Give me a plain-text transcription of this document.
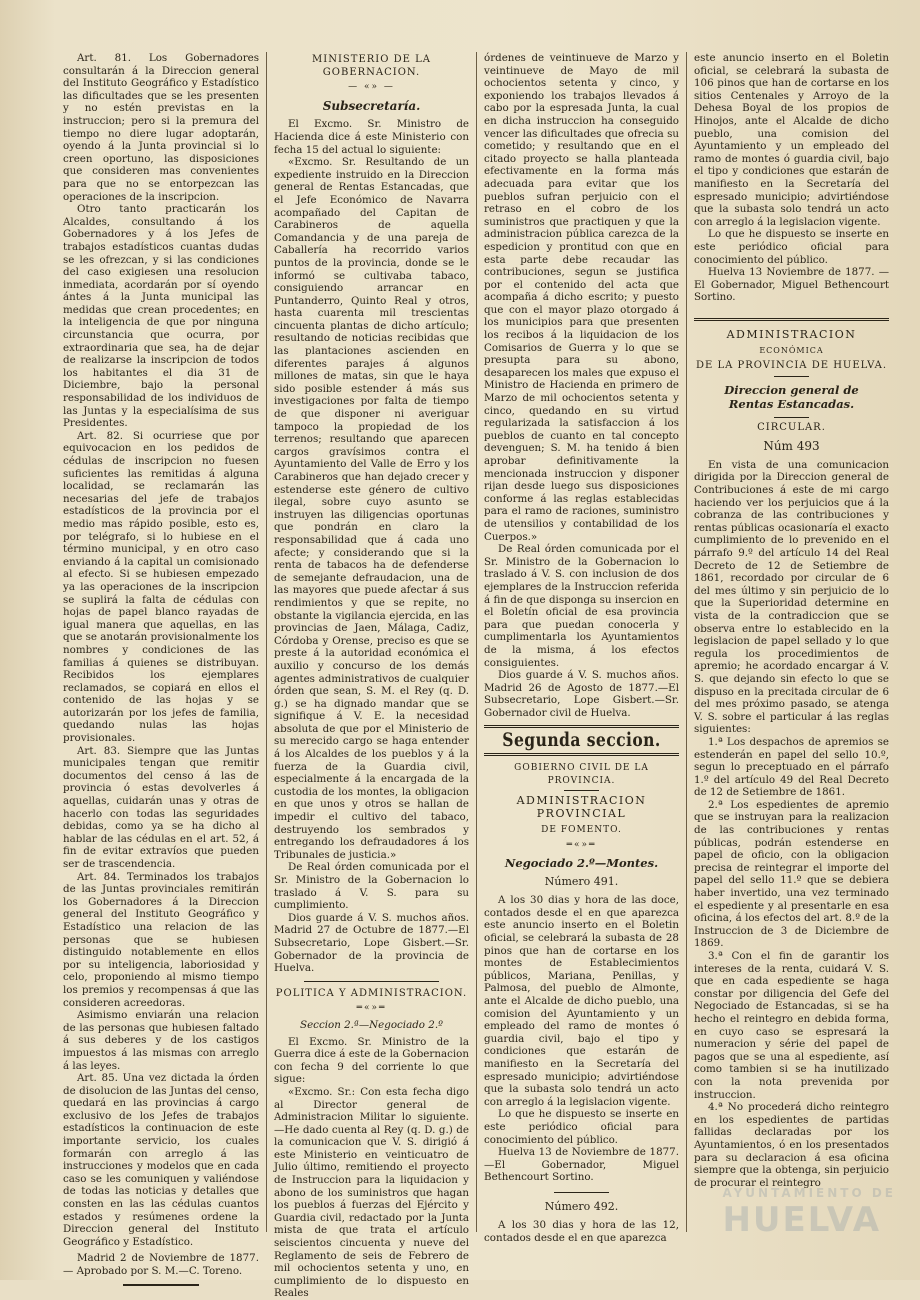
Art. 81. Los Gobernadores consultarán á la Direccion general del Instituto Geográfico y Estadístico las dificultades que se les presenten y no estén previstas en la instruccion; pero si la premura del tiempo no diere lugar adoptarán, oyendo á la Junta provincial si lo creen oportuno, las disposiciones que consideren mas convenientes para que no se entorpezcan las operaciones de la inscripcion.

Otro tanto practicarán los Alcaldes, consultando á los Gobernadores y á los Jefes de trabajos estadísticos cuantas dudas se les ofrezcan, y si las condiciones del caso exigiesen una resolucion inmediata, acordarán por sí oyendo ántes á la Junta municipal las medidas que crean procedentes; en la inteligencia de que por ninguna circunstancia que ocurra, por extraordinaria que sea, ha de dejar de realizarse la inscripcion de todos los habitantes el dia 31 de Diciembre, bajo la personal responsabilidad de los individuos de las Juntas y la especialísima de sus Presidentes.

Art. 82. Si ocurriese que por equivocacion en los pedidos de cédulas de inscripcion no fuesen suficientes las remitidas á alguna localidad, se reclamarán las necesarias del jefe de trabajos estadísticos de la provincia por el medio mas rápido posible, esto es, por telégrafo, si lo hubiese en el término municipal, y en otro caso enviando á la capital un comisionado al efecto. Si se hubiesen empezado ya las operaciones de la inscripcion se suplirá la falta de cédulas con hojas de papel blanco rayadas de igual manera que aquellas, en las que se anotarán provisionalmente los nombres y condiciones de las familias á quienes se distribuyan. Recibidos los ejemplares reclamados, se copiará en ellos el contenido de las hojas y se autorizarán por los jefes de familia, quedando nulas las hojas provisionales.

Art. 83. Siempre que las Juntas municipales tengan que remitir documentos del censo á las de provincia ó estas devolverles á aquellas, cuidarán unas y otras de hacerlo con todas las seguridades debidas, como ya se ha dicho al hablar de las cédulas en el art. 52, á fin de evitar extravíos que pueden ser de trascendencia.

Art. 84. Terminados los trabajos de las Juntas provinciales remitirán los Gobernadores á la Direccion general del Instituto Geográfico y Estadístico una relacion de las personas que se hubiesen distinguido notablemente en ellos por su inteligencia, laboriosidad y celo, proponiendo al mismo tiempo los premios y recompensas á que las consideren acreedoras.

Asimismo enviarán una relacion de las personas que hubiesen faltado á sus deberes y de los castigos impuestos á las mismas con arreglo á las leyes.

Art. 85. Una vez dictada la órden de disolucion de las Juntas del censo, quedará en las provincias á cargo exclusivo de los Jefes de trabajos estadísticos la continuacion de este importante servicio, los cuales formarán con arreglo á las instrucciones y modelos que en cada caso se les comuniquen y valiéndose de todas las noticias y detalles que consten en las las cédulas cuantos estados y resúmenes ordene la Direccion general del Instituto Geográfico y Estadístico.

Madrid 2 de Noviembre de 1877.— Aprobado por S. M.—C. Toreno.

MINISTERIO DE LA GOBERNACION.
— «» —
Subsecretaría.

El Excmo. Sr. Ministro de Hacienda dice á este Ministerio con fecha 15 del actual lo siguiente:

«Excmo. Sr. Resultando de un expediente instruido en la Direccion general de Rentas Estancadas, que el Jefe Económico de Navarra acompañado del Capitan de Carabineros de aquella Comandancia y de una pareja de Caballería ha recorrido varios puntos de la provincia, donde se le informó se cultivaba tabaco, consiguiendo arrancar en Puntanderro, Quinto Real y otros, hasta cuarenta mil trescientas cincuenta plantas de dicho artículo; resultando de noticias recibidas que las plantaciones ascienden en diferentes parajes á algunos millones de matas, sin que le haya sido posible estender á más sus investigaciones por falta de tiempo de que disponer ni averiguar tampoco la propiedad de los terrenos; resultando que aparecen cargos gravísimos contra el Ayuntamiento del Valle de Erro y los Carabineros que han dejado crecer y estenderse este género de cultivo ilegal, sobre cuyo asunto se instruyen las diligencias oportunas que pondrán en claro la responsabilidad que á cada uno afecte; y considerando que si la renta de tabacos ha de defenderse de semejante defraudacion, una de las mayores que puede afectar á sus rendimientos y que se repite, no obstante la vigilancia ejercida, en las provincias de Jaen, Málaga, Cadiz, Córdoba y Orense, preciso es que se preste á la autoridad económica el auxilio y concurso de los demás agentes administrativos de cualquier órden que sean, S. M. el Rey (q. D. g.) se ha dignado mandar que se signifique á V. E. la necesidad absoluta de que por el Ministerio de su merecido cargo se haga entender á los Alcaldes de los pueblos y á la fuerza de la Guardia civil, especialmente á la encargada de la custodia de los montes, la obligacion en que unos y otros se hallan de impedir el cultivo del tabaco, destruyendo los sembrados y entregando los defraudadores á los Tribunales de justicia.»

De Real órden comunicada por el Sr. Ministro de la Gobernacion lo traslado á V. S. para su cumplimiento.

Dios guarde á V. S. muchos años. Madrid 27 de Octubre de 1877.—El Subsecretario, Lope Gisbert.—Sr. Gobernador de la provincia de Huelva.

POLITICA Y ADMINISTRACION.
═«»═
Seccion 2.ª—Negociado 2.º

El Excmo. Sr. Ministro de la Guerra dice á este de la Gobernacion con fecha 9 del corriente lo que sigue:

«Excmo. Sr.: Con esta fecha digo al Director general de Administracion Militar lo siguiente.—He dado cuenta al Rey (q. D. g.) de la comunicacion que V. S. dirigió á este Ministerio en veinticuatro de Julio último, remitiendo el proyecto de Instruccion para la liquidacion y abono de los suministros que hagan los pueblos á fuerzas del Ejército y Guardia civil, redactado por la Junta mista de que trata el artículo seiscientos cincuenta y nueve del Reglamento de seis de Febrero de mil ochocientos setenta y uno, en cumplimiento de lo dispuesto en Reales

órdenes de veintinueve de Marzo y veintinueve de Mayo de mil ochocientos setenta y cinco, y exponiendo los trabajos llevados á cabo por la espresada Junta, la cual en dicha instruccion ha conseguido vencer las dificultades que ofrecia su cometido; y resultando que en el citado proyecto se halla planteada efectivamente en la forma más adecuada para evitar que los pueblos sufran perjuicio con el retraso en el cobro de los suministros que practiquen y que la administracion pública carezca de la espedicion y prontitud con que en esta parte debe recaudar las contribuciones, segun se justifica por el contenido del acta que acompaña á dicho escrito; y puesto que con el mayor plazo otorgado á los municipios para que presenten los recibos á la liquidacion de los Comisarios de Guerra y lo que se presupta para su abono, desaparecen los males que expuso el Ministro de Hacienda en primero de Marzo de mil ochocientos setenta y cinco, quedando en su virtud regularizada la satisfaccion á los pueblos de cuanto en tal concepto devenguen; S. M. ha tenido á bien aprobar definitivamente la mencionada instruccion y disponer rijan desde luego sus disposiciones conforme á las reglas establecidas para el ramo de raciones, suministro de utensilios y contabilidad de los Cuerpos.»

De Real órden comunicada por el Sr. Ministro de la Gobernacion lo traslado á V. S. con inclusion de dos ejemplares de la Instruccion referida á fin de que disponga su insercion en el Boletín oficial de esa provincia para que puedan conocerla y cumplimentarla los Ayuntamientos de la misma, á los efectos consiguientes.

Dios guarde á V. S. muchos años. Madrid 26 de Agosto de 1877.—El Subsecretario, Lope Gisbert.—Sr. Gobernador civil de Huelva.

Segunda seccion.
GOBIERNO CIVIL DE LA PROVINCIA.
ADMINISTRACION PROVINCIAL
DE FOMENTO.
═«»═
Negociado 2.º—Montes.
Número 491.

A los 30 dias y hora de las doce, contados desde el en que aparezca este anuncio inserto en el Boletin oficial, se celebrará la subasta de 28 pinos que han de cortarse en los montes de Establecimientos públicos, Mariana, Penillas, y Palmosa, del pueblo de Almonte, ante el Alcalde de dicho pueblo, una comision del Ayuntamiento y un empleado del ramo de montes ó guardia civil, bajo el tipo y condiciones que estarán de manifiesto en la Secretaría del espresado municipio; advirtiéndose que la subasta solo tendrá un acto con arreglo á la legislacion vigente.

Lo que he dispuesto se inserte en este periódico oficial para conocimiento del público.

Huelva 13 de Noviembre de 1877.—El Gobernador, Miguel Bethencourt Sortino.

Número 492.

A los 30 dias y hora de las 12, contados desde el en que aparezca

este anuncio inserto en el Boletin oficial, se celebrará la subasta de 106 pinos que han de cortarse en los sitios Centenales y Arroyo de la Dehesa Boyal de los propios de Hinojos, ante el Alcalde de dicho pueblo, una comision del Ayuntamiento y un empleado del ramo de montes ó guardia civil, bajo el tipo y condiciones que estarán de manifiesto en la Secretaría del espresado municipio; advirtiéndose que la subasta solo tendrá un acto con arreglo á la legislacion vigente.

Lo que he dispuesto se inserte en este periódico oficial para conocimiento del público.

Huelva 13 Noviembre de 1877. —El Gobernador, Miguel Bethencourt Sortino.

ADMINISTRACION
ECONÓMICA
DE LA PROVINCIA DE HUELVA.
Direccion general de Rentas Estancadas.
CIRCULAR.
Núm 493

En vista de una comunicacion dirigida por la Direccion general de Contribuciones á este de mi cargo haciendo ver los perjuicios que á la cobranza de las contribuciones y rentas públicas ocasionaría el exacto cumplimiento de lo prevenido en el párrafo 9.º del artículo 14 del Real Decreto de 12 de Setiembre de 1861, recordado por circular de 6 del mes último y sin perjuicio de lo que la Superioridad determine en vista de la contradiccion que se observa entre lo establecido en la legislacion de papel sellado y lo que regula los procedimientos de apremio; he acordado encargar á V. S. que dejando sin efecto lo que se dispuso en la precitada circular de 6 del mes próximo pasado, se atenga V. S. sobre el particular á las reglas siguientes:

1.ª Los despachos de apremios se estenderán en papel del sello 10.º, segun lo preceptuado en el párrafo 1.º del artículo 49 del Real Decreto de 12 de Setiembre de 1861.

2.ª Los espedientes de apremio que se instruyan para la realizacion de las contribuciones y rentas públicas, podrán estenderse en papel de oficio, con la obligacion precisa de reintegrar el importe del papel del sello 11.º que se debiera haber invertido, una vez terminado el espediente y al presentarle en esa oficina, á los efectos del art. 8.º de la Instruccion de 3 de Diciembre de 1869.

3.ª Con el fin de garantir los intereses de la renta, cuidará V. S. que en cada espediente se haga constar por diligencia del Gefe del Negociado de Estancadas, si se ha hecho el reintegro en debida forma, en cuyo caso se espresará la numeracion y série del papel de pagos que se una al espediente, así como tambien si se ha inutilizado con la nota prevenida por instruccion.

4.ª No procederá dicho reintegro en los espedientes de partidas fallidas declaradas por los Ayuntamientos, ó en los presentados para su declaracion á esa oficina siempre que la obtenga, sin perjuicio de procurar el reintegro

AYUNTAMIENTO DE
HUELVA
